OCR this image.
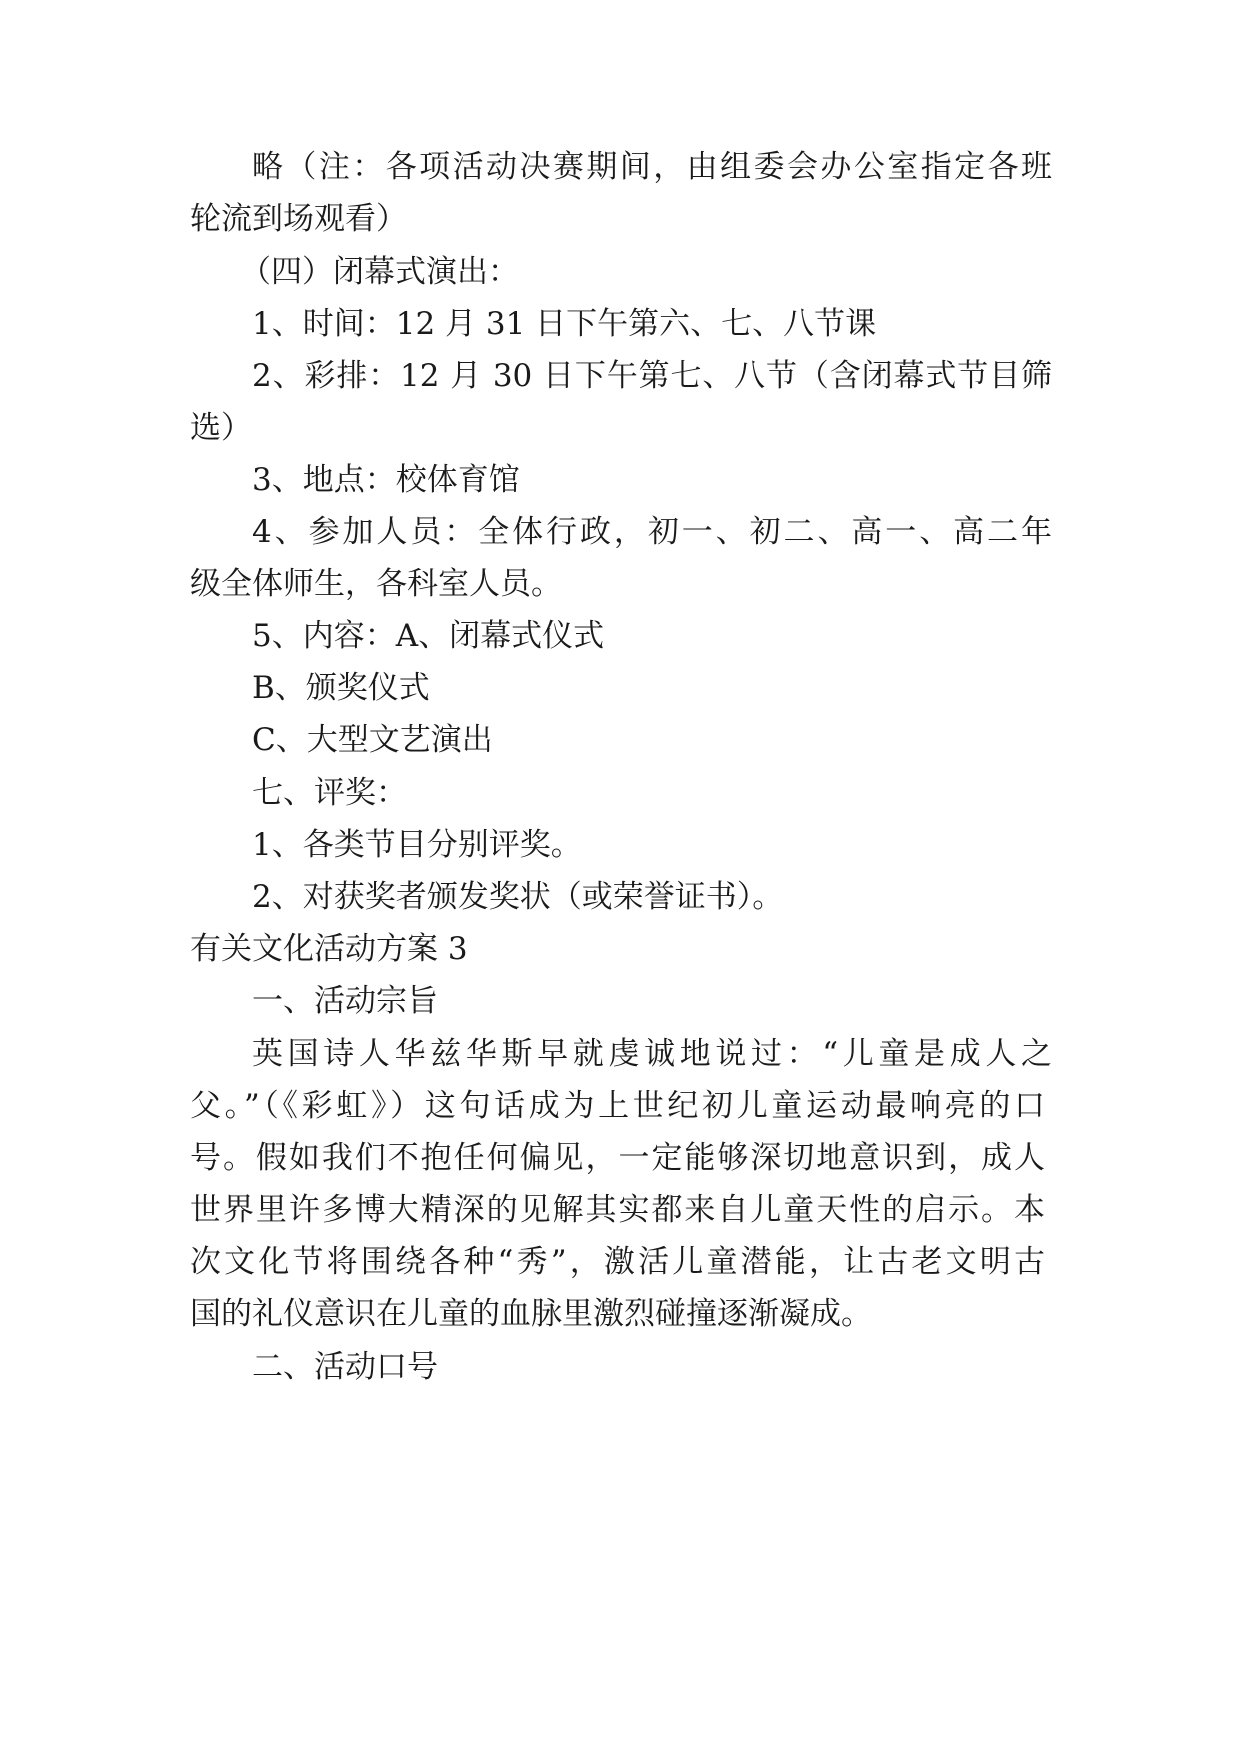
略（注：各项活动决赛期间，由组委会办公室指定各班
轮流到场观看）
（四）闭幕式演出：
1、时间：12 月 31 日下午第六、七、八节课
2、彩排：12 月 30 日下午第七、八节（含闭幕式节目筛
选）
3、地点：校体育馆
4、参加人员：全体行政，初一、初二、高一、高二年
级全体师生，各科室人员。
5、内容：A、闭幕式仪式
B、颁奖仪式
C、大型文艺演出
七、评奖：
1、各类节目分别评奖。
2、对获奖者颁发奖状（或荣誉证书）。
有关文化活动方案 3
一、活动宗旨
英国诗人华兹华斯早就虔诚地说过：“儿童是成人之
父。”（《彩虹》）这句话成为上世纪初儿童运动最响亮的口
号。假如我们不抱任何偏见，一定能够深切地意识到，成人
世界里许多博大精深的见解其实都来自儿童天性的启示。本
次文化节将围绕各种“秀”，激活儿童潜能，让古老文明古
国的礼仪意识在儿童的血脉里激烈碰撞逐渐凝成。
二、活动口号
